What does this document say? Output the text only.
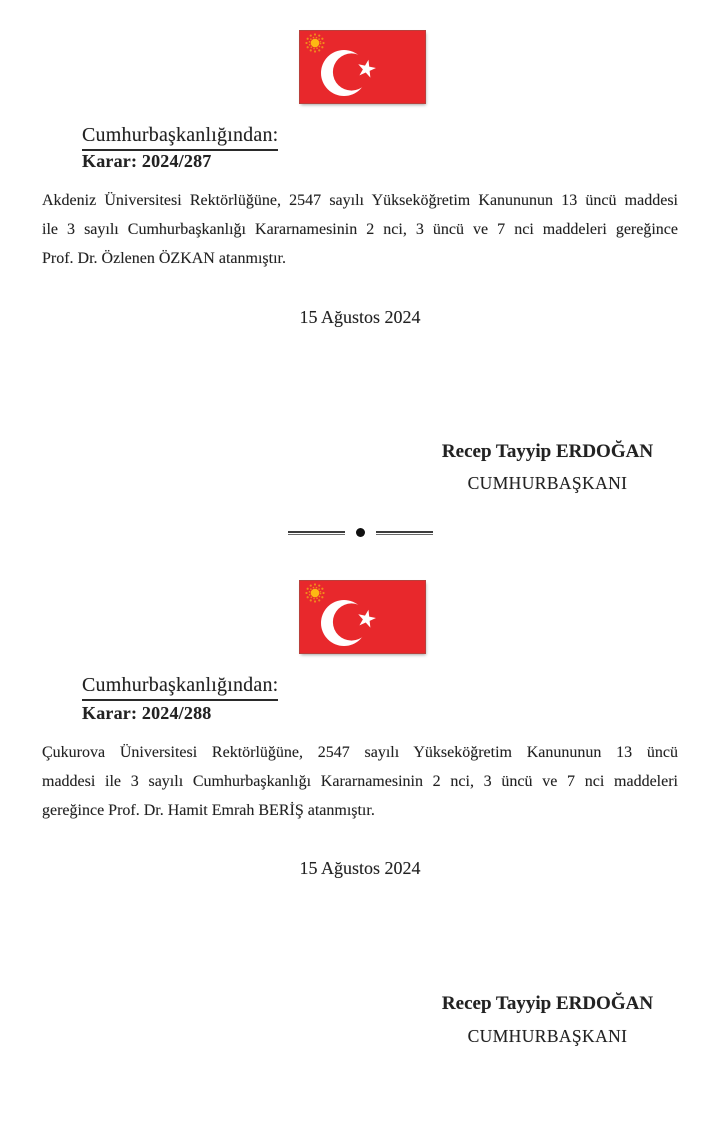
Cumhurbaşkanlığından:
Karar: 2024/287
Akdeniz Üniversitesi Rektörlüğüne, 2547 sayılı Yükseköğretim Kanununun 13 üncü maddesi
ile 3 sayılı Cumhurbaşkanlığı Kararnamesinin 2 nci, 3 üncü ve 7 nci maddeleri gereğince
Prof. Dr. Özlenen ÖZKAN atanmıştır.
15 Ağustos 2024
Recep Tayyip ERDOĞAN
CUMHURBAŞKANI
Cumhurbaşkanlığından:
Karar: 2024/288
Çukurova Üniversitesi Rektörlüğüne, 2547 sayılı Yükseköğretim Kanununun 13 üncü
maddesi ile 3 sayılı Cumhurbaşkanlığı Kararnamesinin 2 nci, 3 üncü ve 7 nci maddeleri
gereğince Prof. Dr. Hamit Emrah BERİŞ atanmıştır.
15 Ağustos 2024
Recep Tayyip ERDOĞAN
CUMHURBAŞKANI
